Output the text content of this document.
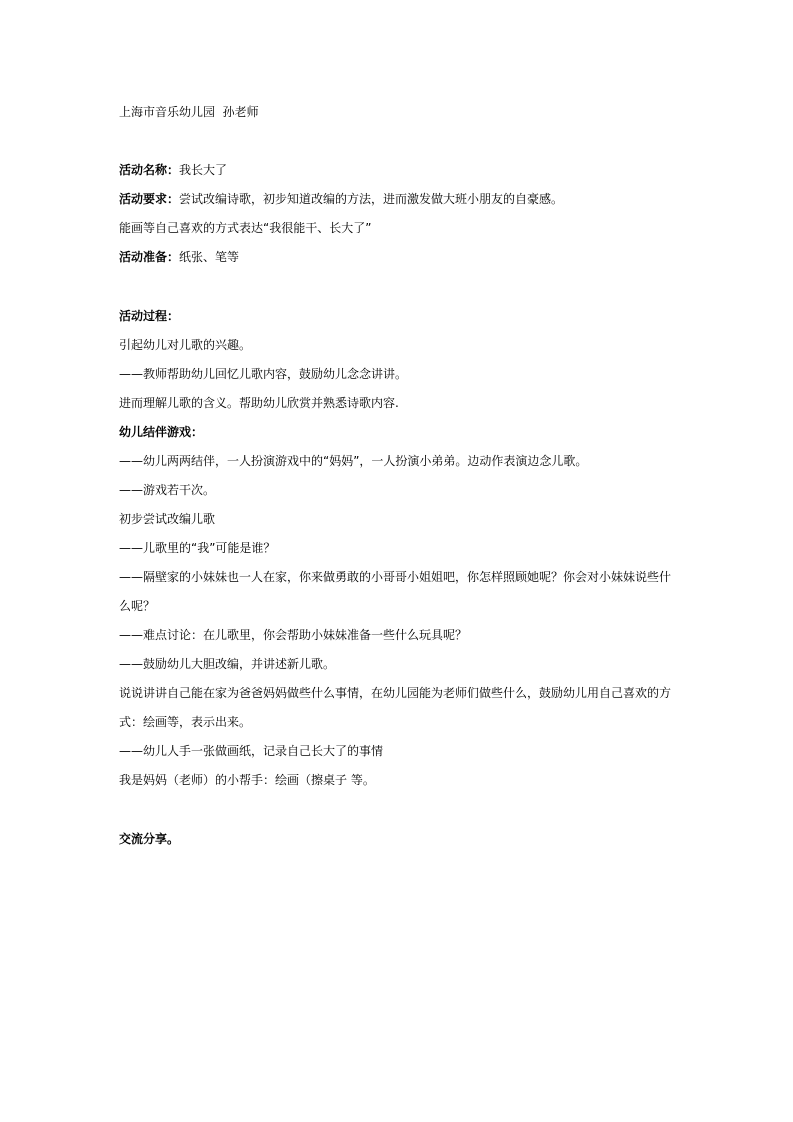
上海市音乐幼儿园 孙老师
活动名称：我长大了
活动要求：尝试改编诗歌，初步知道改编的方法，进而激发做大班小朋友的自豪感。
能画等自己喜欢的方式表达“我很能干、长大了”
活动准备：纸张、笔等
活动过程：
引起幼儿对儿歌的兴趣。
——教师帮助幼儿回忆儿歌内容，鼓励幼儿念念讲讲。
进而理解儿歌的含义。帮助幼儿欣赏并熟悉诗歌内容.
幼儿结伴游戏：
——幼儿两两结伴，一人扮演游戏中的“妈妈”，一人扮演小弟弟。边动作表演边念儿歌。
——游戏若干次。
初步尝试改编儿歌
——儿歌里的“我”可能是谁？
——隔壁家的小妹妹也一人在家，你来做勇敢的小哥哥小姐姐吧，你怎样照顾她呢？你会对小妹妹说些什
么呢？
——难点讨论：在儿歌里，你会帮助小妹妹准备一些什么玩具呢？
——鼓励幼儿大胆改编，并讲述新儿歌。
说说讲讲自己能在家为爸爸妈妈做些什么事情，在幼儿园能为老师们做些什么，鼓励幼儿用自己喜欢的方
式：绘画等，表示出来。
——幼儿人手一张做画纸，记录自己长大了的事情
我是妈妈（老师）的小帮手：绘画（擦桌子 等。
交流分享。
